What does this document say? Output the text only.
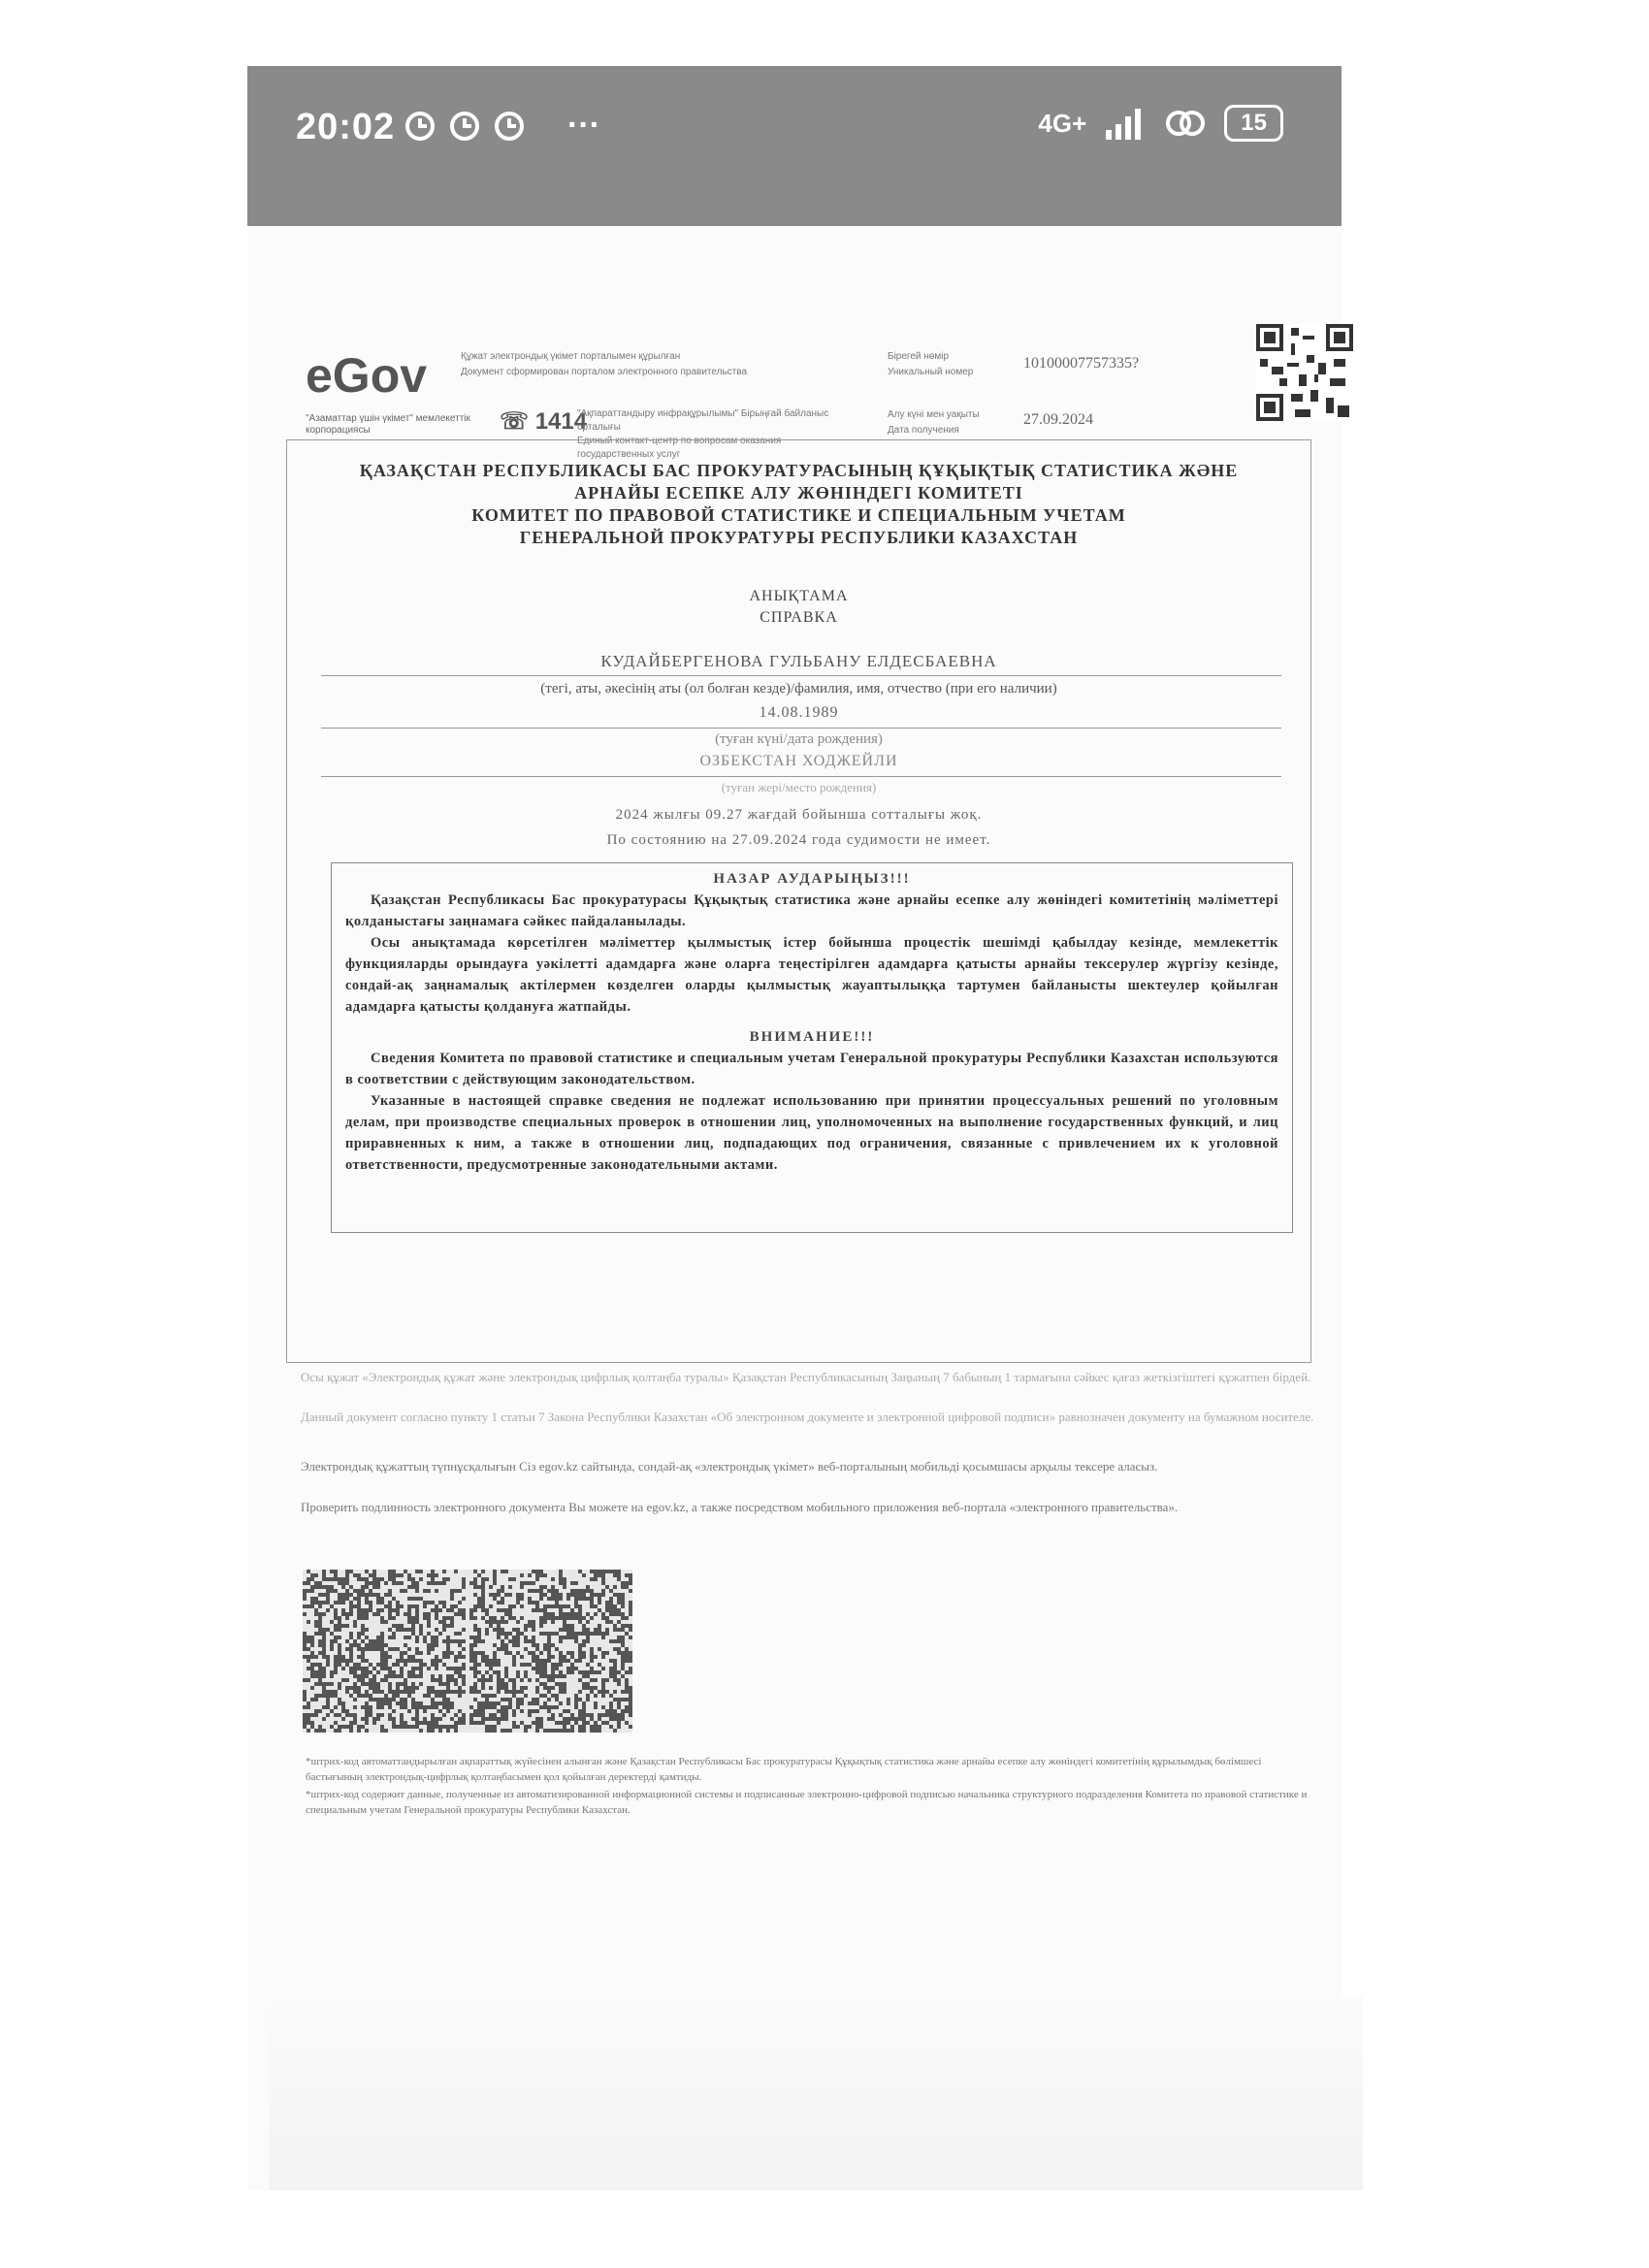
20:02	···	4G+	15
eGov
"Азаматтар үшін үкімет" мемлекеттік корпорациясы
Құжат электрондық үкімет порталымен құрылған
Документ сформирован порталом электронного правительства
☏ 1414
"Ақпараттандыру инфрақұрылымы" Бірыңғай байланыс орталығы
Единый контакт-центр по вопросам оказания государственных услуг
Бірегей нөмір
Уникальный номер
Алу күні мен уақыты
Дата получения
10100007757335?
27.09.2024
ҚАЗАҚСТАН РЕСПУБЛИКАСЫ БАС ПРОКУРАТУРАСЫНЫҢ ҚҰҚЫҚТЫҚ СТАТИСТИКА ЖӘНЕ
АРНАЙЫ ЕСЕПКЕ АЛУ ЖӨНІНДЕГІ КОМИТЕТІ
КОМИТЕТ ПО ПРАВОВОЙ СТАТИСТИКЕ И СПЕЦИАЛЬНЫМ УЧЕТАМ
ГЕНЕРАЛЬНОЙ ПРОКУРАТУРЫ РЕСПУБЛИКИ КАЗАХСТАН
АНЫҚТАМА
СПРАВКА
КУДАЙБЕРГЕНОВА ГУЛЬБАНУ ЕЛДЕСБАЕВНА
(тегі, аты, әкесінің аты (ол болған кезде)/фамилия, имя, отчество (при его наличии)
14.08.1989
(туған күні/дата рождения)
ОЗБЕКСТАН ХОДЖЕЙЛИ
(туған жері/место рождения)
2024 жылғы 09.27 жағдай бойынша сотталығы жоқ.
По состоянию на 27.09.2024 года судимости не имеет.
НАЗАР АУДАРЫҢЫЗ!!!

Қазақстан Республикасы Бас прокуратурасы Құқықтық статистика және арнайы есепке алу жөніндегі комитетінің мәліметтері қолданыстағы заңнамаға сәйкес пайдаланылады.

Осы анықтамада көрсетілген мәліметтер қылмыстық істер бойынша процестік шешімді қабылдау кезінде, мемлекеттік функцияларды орындауға уәкілетті адамдарға және оларға теңестірілген адамдарға қатысты арнайы тексерулер жүргізу кезінде, сондай-ақ заңнамалық актілермен көзделген оларды қылмыстық жауаптылыққа тартумен байланысты шектеулер қойылған адамдарға қатысты қолдануға жатпайды.

ВНИМАНИЕ!!!

Сведения Комитета по правовой статистике и специальным учетам Генеральной прокуратуры Республики Казахстан используются в соответствии с действующим законодательством.

Указанные в настоящей справке сведения не подлежат использованию при принятии процессуальных решений по уголовным делам, при производстве специальных проверок в отношении лиц, уполномоченных на выполнение государственных функций, и лиц приравненных к ним, а также в отношении лиц, подпадающих под ограничения, связанные с привлечением их к уголовной ответственности, предусмотренные законодательными актами.

Осы құжат «Электрондық құжат және электрондық цифрлық қолтаңба туралы» Қазақстан Республикасының Заңының 7 бабының 1 тармағына сәйкес қағаз жеткізгіштегі құжатпен бірдей.
Данный документ согласно пункту 1 статьи 7 Закона Республики Казахстан «Об электронном документе и электронной цифровой подписи» равнозначен документу на бумажном носителе.
Электрондық құжаттың түпнұсқалығын Сіз egov.kz сайтында, сондай-ақ «электрондық үкімет» веб-порталының мобильді қосымшасы арқылы тексере аласыз.
Проверить подлинность электронного документа Вы можете на egov.kz, а также посредством мобильного приложения веб-портала «электронного правительства».
*штрих-код автоматтандырылған ақпараттық жүйесінен алынған және Қазақстан Республикасы Бас прокуратурасы Құқықтық статистика және арнайы есепке алу жөніндегі комитетінің құрылымдық бөлімшесі бастығының электрондық-цифрлық қолтаңбасымен қол қойылған деректерді қамтиды.
*штрих-код содержит данные, полученные из автоматизированной информационной системы и подписанные электронно-цифровой подписью начальника структурного подразделения Комитета по правовой статистике и специальным учетам Генеральной прокуратуры Республики Казахстан.
